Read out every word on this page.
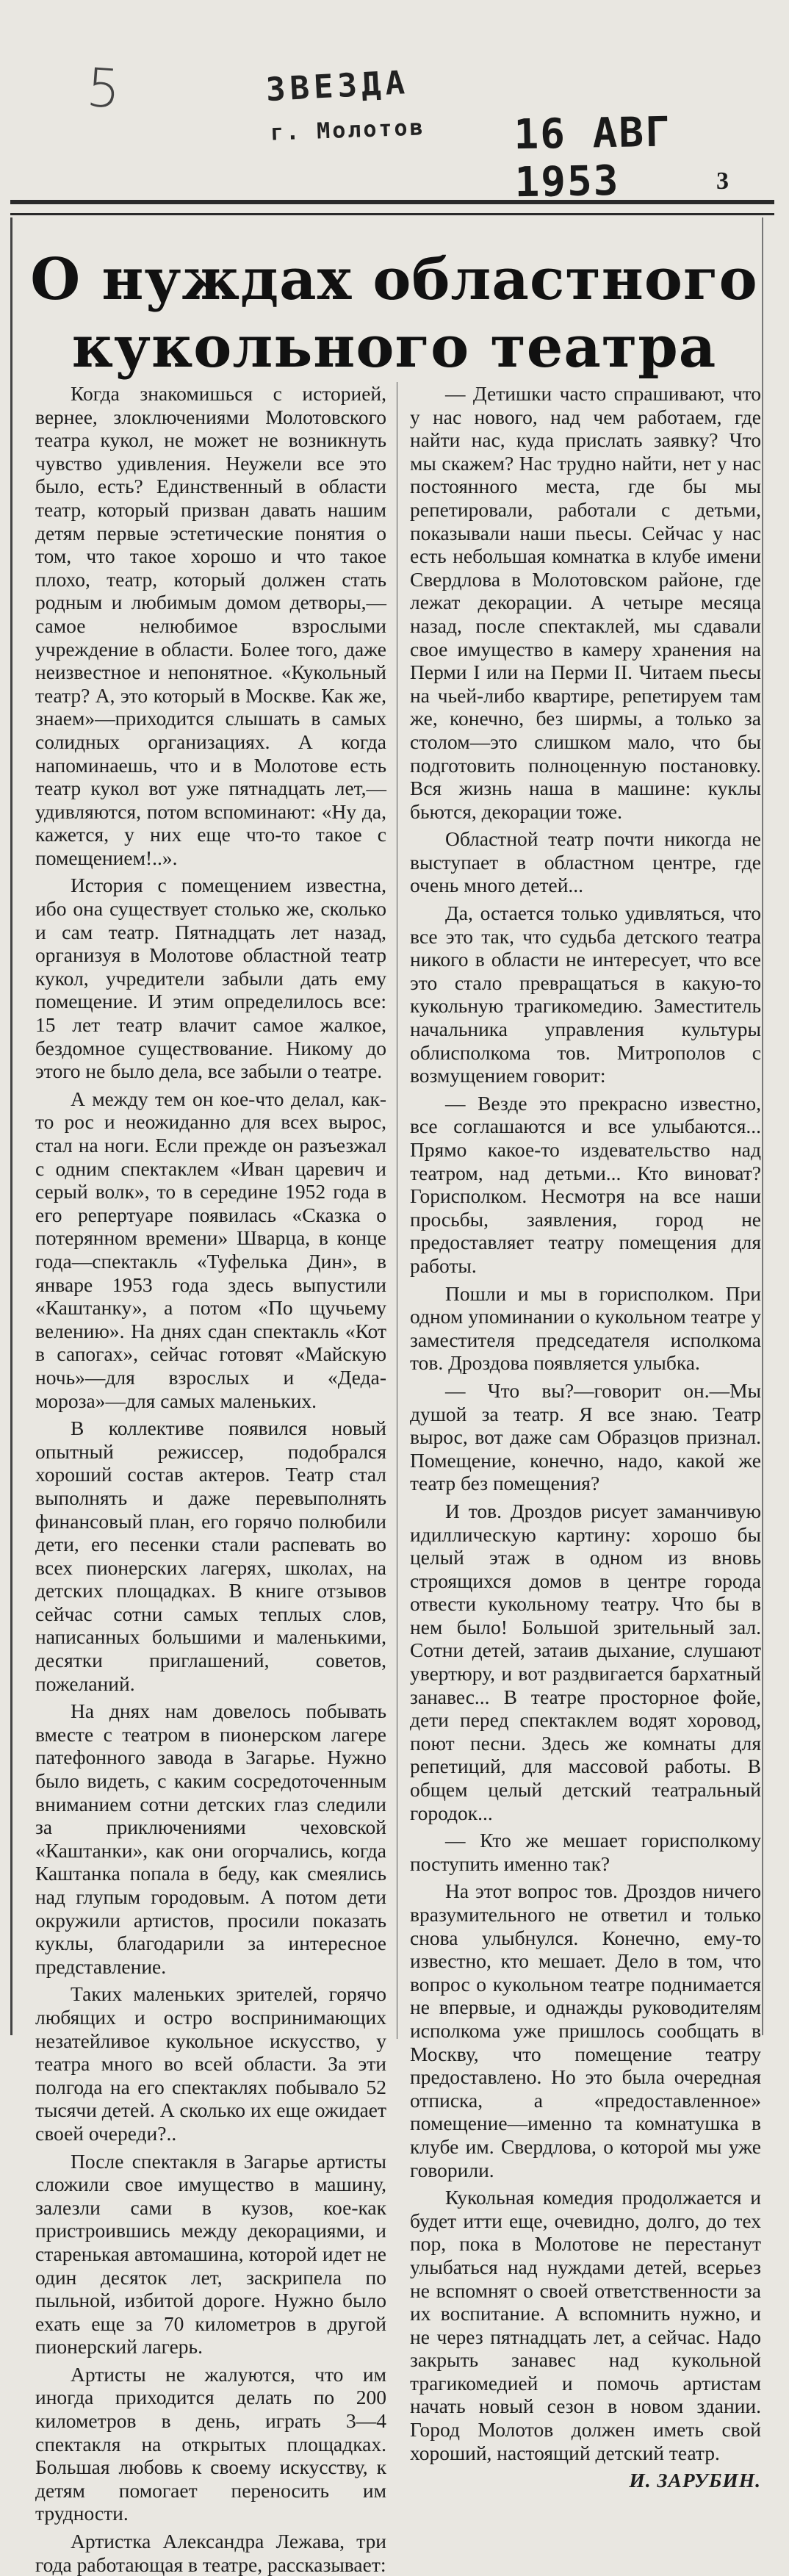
5	ЗВЕЗДА
г. Молотов 16 АВГ 1953	3
О нуждах областного
кукольного театра

Когда знакомишься с историей, вернее, злоключениями Молотовского театра кукол, не может не возникнуть чувство удивления. Неужели все это было, есть? Единственный в области театр, который призван давать нашим детям первые эстетические понятия о том, что такое хорошо и что такое плохо, театр, который должен стать родным и любимым домом детворы,—самое нелюбимое взрослыми учреждение в области. Более того, даже неизвестное и непонятное. «Кукольный театр? А, это который в Москве. Как же, знаем»—приходится слышать в самых солидных организациях. А когда напоминаешь, что и в Молотове есть театр кукол вот уже пятнадцать лет,—удивляются, потом вспоминают: «Ну да, кажется, у них еще что-то такое с помещением!..».

История с помещением известна, ибо она существует столько же, сколько и сам театр. Пятнадцать лет назад, организуя в Молотове областной театр кукол, учредители забыли дать ему помещение. И этим определилось все: 15 лет театр влачит самое жалкое, бездомное существование. Никому до этого не было дела, все забыли о театре.

А между тем он кое-что делал, как-то рос и неожиданно для всех вырос, стал на ноги. Если прежде он разъезжал с одним спектаклем «Иван царевич и серый волк», то в середине 1952 года в его репертуаре появилась «Сказка о потерянном времени» Шварца, в конце года—спектакль «Туфелька Дин», в январе 1953 года здесь выпустили «Каштанку», а потом «По щучьему велению». На днях сдан спектакль «Кот в сапогах», сейчас готовят «Майскую ночь»—для взрослых и «Деда-мороза»—для самых маленьких.

В коллективе появился новый опытный режиссер, подобрался хороший состав актеров. Театр стал выполнять и даже перевыполнять финансовый план, его горячо полюбили дети, его песенки стали распевать во всех пионерских лагерях, школах, на детских площадках. В книге отзывов сейчас сотни самых теплых слов, написанных большими и маленькими, десятки приглашений, советов, пожеланий.

На днях нам довелось побывать вместе с театром в пионерском лагере патефонного завода в Загарье. Нужно было видеть, с каким сосредоточенным вниманием сотни детских глаз следили за приключениями чеховской «Каштанки», как они огорчались, когда Каштанка попала в беду, как смеялись над глупым городовым. А потом дети окружили артистов, просили показать куклы, благодарили за интересное представление.

Таких маленьких зрителей, горячо любящих и остро воспринимающих незатейливое кукольное искусство, у театра много во всей области. За эти полгода на его спектаклях побывало 52 тысячи детей. А сколько их еще ожидает своей очереди?..

После спектакля в Загарье артисты сложили свое имущество в машину, залезли сами в кузов, кое-как пристроившись между декорациями, и старенькая автомашина, которой идет не один десяток лет, заскрипела по пыльной, избитой дороге. Нужно было ехать еще за 70 километров в другой пионерский лагерь.

Артисты не жалуются, что им иногда приходится делать по 200 километров в день, играть 3—4 спектакля на открытых площадках. Большая любовь к своему искусству, к детям помогает переносить им трудности.

Артистка Александра Лежава, три года работающая в театре, рассказывает:

— Детишки часто спрашивают, что у нас нового, над чем работаем, где найти нас, куда прислать заявку? Что мы скажем? Нас трудно найти, нет у нас постоянного места, где бы мы репетировали, работали с детьми, показывали наши пьесы. Сейчас у нас есть небольшая комнатка в клубе имени Свердлова в Молотовском районе, где лежат декорации. А четыре месяца назад, после спектаклей, мы сдавали свое имущество в камеру хранения на Перми I или на Перми II. Читаем пьесы на чьей-либо квартире, репетируем там же, конечно, без ширмы, а только за столом—это слишком мало, что бы подготовить полноценную постановку. Вся жизнь наша в машине: куклы бьются, декорации тоже.

Областной театр почти никогда не выступает в областном центре, где очень много детей...

Да, остается только удивляться, что все это так, что судьба детского театра никого в области не интересует, что все это стало превращаться в какую-то кукольную трагикомедию. Заместитель начальника управления культуры облисполкома тов. Митрополов с возмущением говорит:

— Везде это прекрасно известно, все соглашаются и все улыбаются... Прямо какое-то издевательство над театром, над детьми... Кто виноват? Горисполком. Несмотря на все наши просьбы, заявления, город не предоставляет театру помещения для работы.

Пошли и мы в горисполком. При одном упоминании о кукольном театре у заместителя председателя исполкома тов. Дроздова появляется улыбка.

— Что вы?—говорит он.—Мы душой за театр. Я все знаю. Театр вырос, вот даже сам Образцов признал. Помещение, конечно, надо, какой же театр без помещения?

И тов. Дроздов рисует заманчивую идиллическую картину: хорошо бы целый этаж в одном из вновь строящихся домов в центре города отвести кукольному театру. Что бы в нем было! Большой зрительный зал. Сотни детей, затаив дыхание, слушают увертюру, и вот раздвигается бархатный занавес... В театре просторное фойе, дети перед спектаклем водят хоровод, поют песни. Здесь же комнаты для репетиций, для массовой работы. В общем целый детский театральный городок...

— Кто же мешает горисполкому поступить именно так?

На этот вопрос тов. Дроздов ничего вразумительного не ответил и только снова улыбнулся. Конечно, ему-то известно, кто мешает. Дело в том, что вопрос о кукольном театре поднимается не впервые, и однажды руководителям исполкома уже пришлось сообщать в Москву, что помещение театру предоставлено. Но это была очередная отписка, а «предоставленное» помещение—именно та комнатушка в клубе им. Свердлова, о которой мы уже говорили.

Кукольная комедия продолжается и будет итти еще, очевидно, долго, до тех пор, пока в Молотове не перестанут улыбаться над нуждами детей, всерьез не вспомнят о своей ответственности за их воспитание. А вспомнить нужно, и не через пятнадцать лет, а сейчас. Надо закрыть занавес над кукольной трагикомедией и помочь артистам начать новый сезон в новом здании. Город Молотов должен иметь свой хороший, настоящий детский театр.

И. ЗАРУБИН.
